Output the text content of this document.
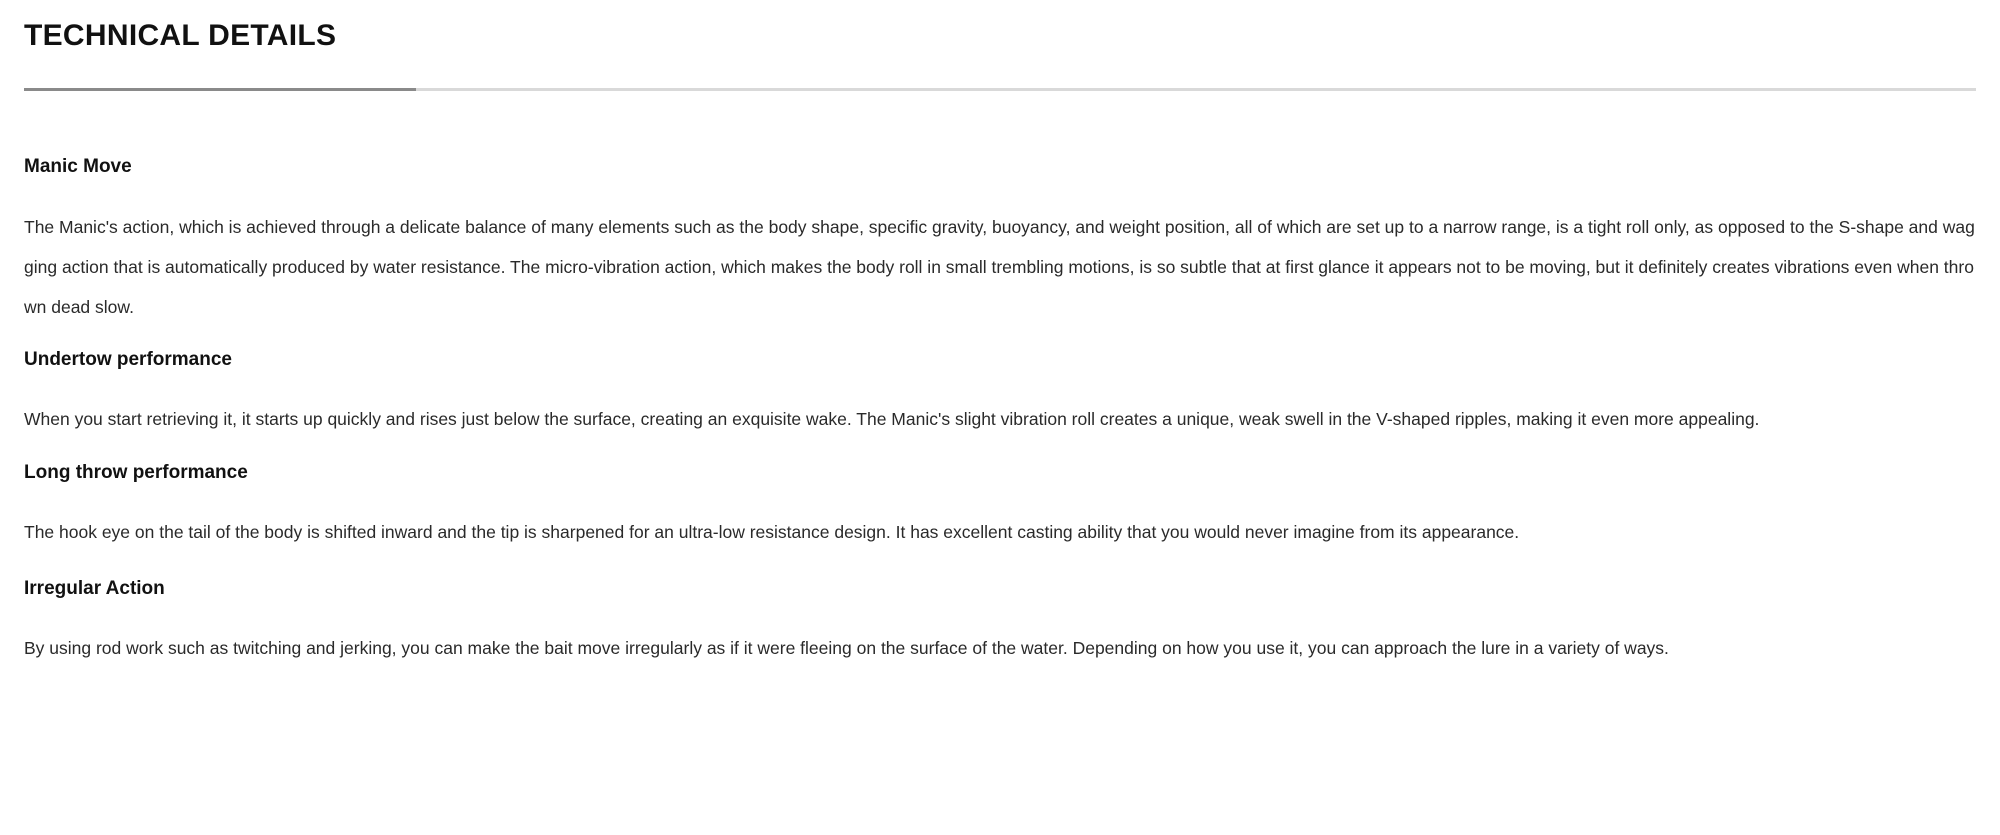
TECHNICAL DETAILS
Manic Move

The Manic's action, which is achieved through a delicate balance of many elements such as the body shape, specific gravity, buoyancy, and weight position, all of which are set up to a narrow range, is a tight roll only, as opposed to the S-shape and wagging action that is automatically produced by water resistance. The micro-vibration action, which makes the body roll in small trembling motions, is so subtle that at first glance it appears not to be moving, but it definitely creates vibrations even when thrown dead slow.

Undertow performance

When you start retrieving it, it starts up quickly and rises just below the surface, creating an exquisite wake. The Manic's slight vibration roll creates a unique, weak swell in the V-shaped ripples, making it even more appealing.

Long throw performance

The hook eye on the tail of the body is shifted inward and the tip is sharpened for an ultra-low resistance design. It has excellent casting ability that you would never imagine from its appearance.

Irregular Action

By using rod work such as twitching and jerking, you can make the bait move irregularly as if it were fleeing on the surface of the water. Depending on how you use it, you can approach the lure in a variety of ways.
